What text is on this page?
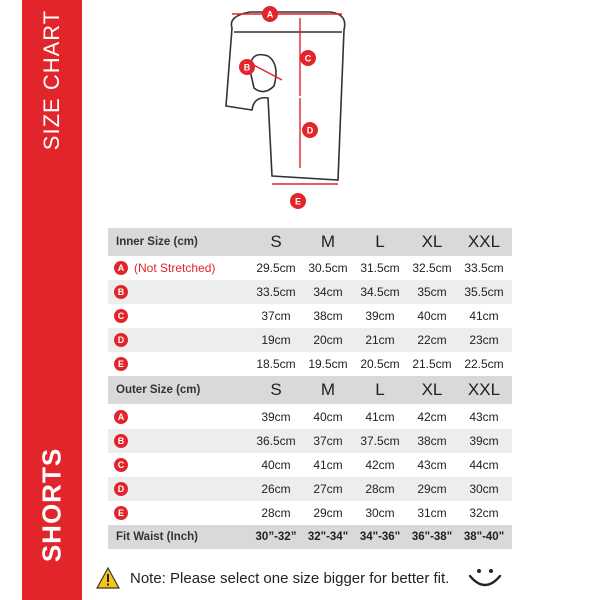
SIZE CHART
SHORTS
A
B
C
D
E
Inner Size (cm)	S	M	L	XL	XXL
A (Not Stretched)	29.5cm	30.5cm	31.5cm	32.5cm	33.5cm
B	33.5cm	34cm	34.5cm	35cm	35.5cm
C	37cm	38cm	39cm	40cm	41cm
D	19cm	20cm	21cm	22cm	23cm
E	18.5cm	19.5cm	20.5cm	21.5cm	22.5cm
Outer Size (cm)	S	M	L	XL	XXL
A	39cm	40cm	41cm	42cm	43cm
B	36.5cm	37cm	37.5cm	38cm	39cm
C	40cm	41cm	42cm	43cm	44cm
D	26cm	27cm	28cm	29cm	30cm
E	28cm	29cm	30cm	31cm	32cm
Fit Waist (Inch)	30”-32” 32"-34"	34"-36"	36"-38"	38"-40"
Note: Please select one size bigger for better fit.
